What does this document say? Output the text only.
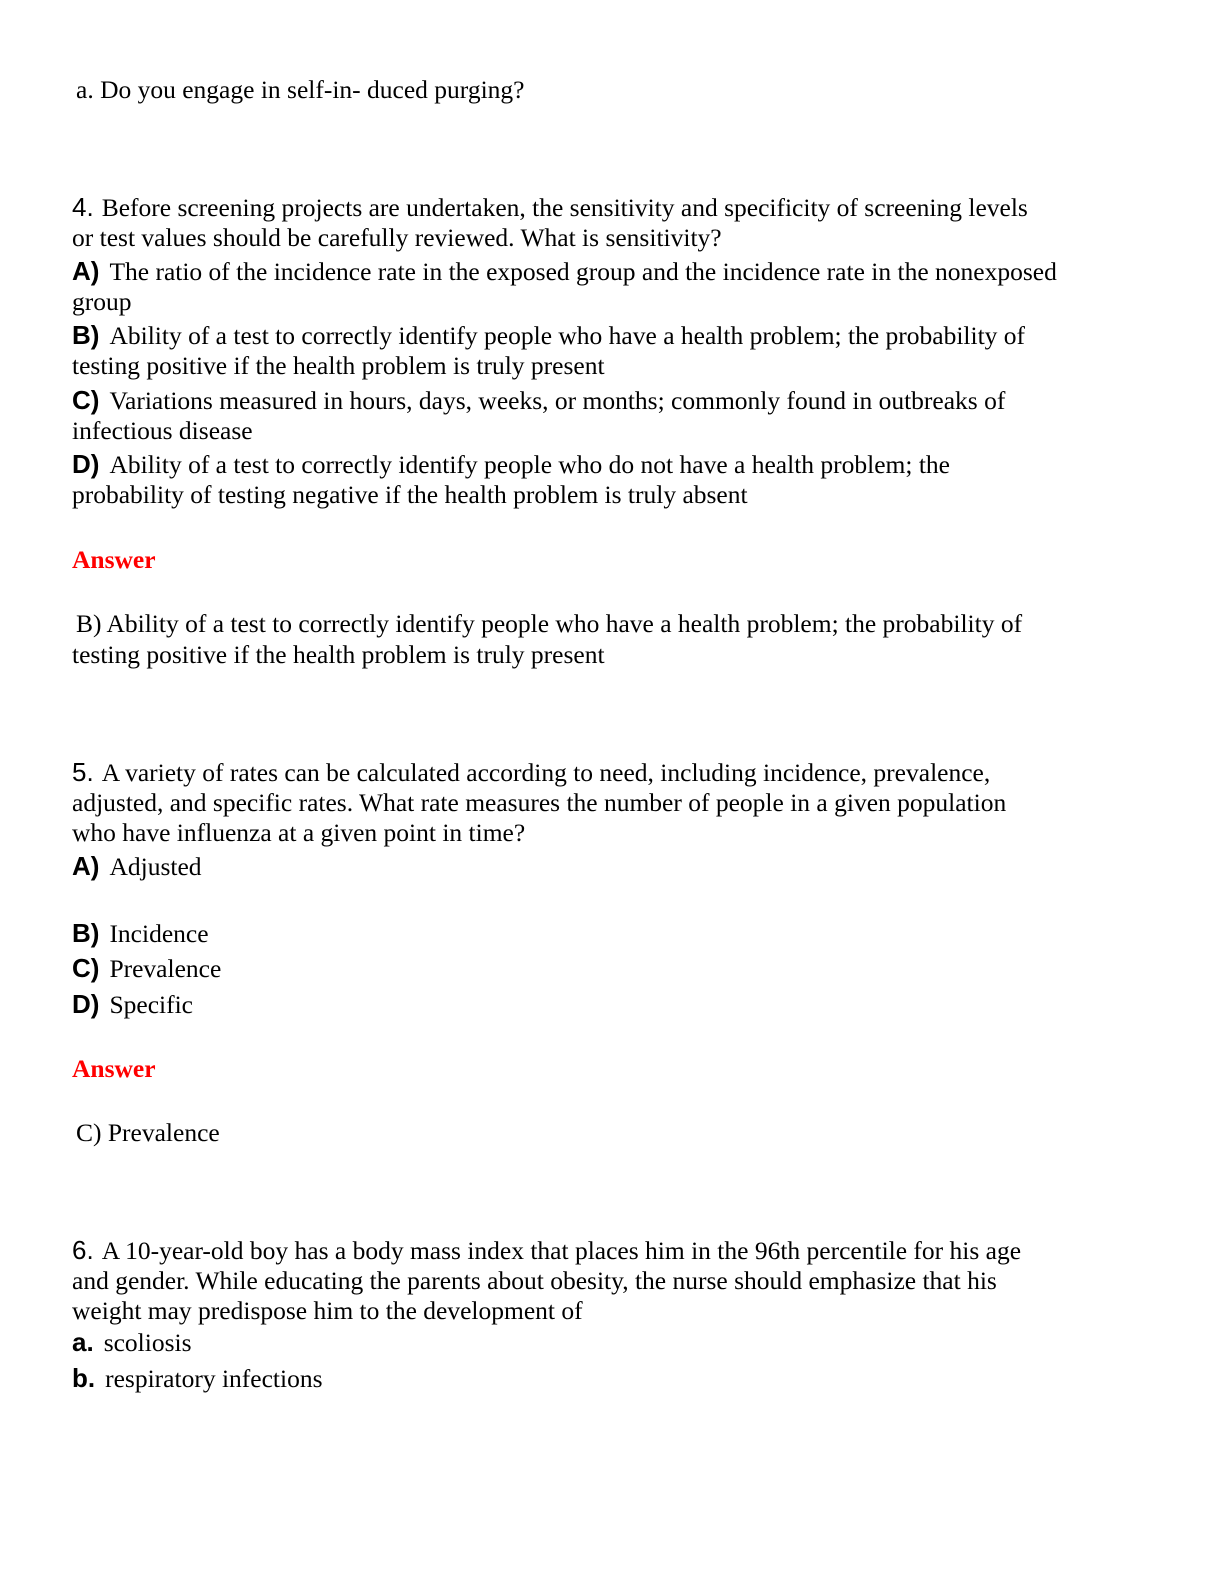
a. Do you engage in self-in- duced purging?
4. Before screening projects are undertaken, the sensitivity and specificity of screening levels
or test values should be carefully reviewed. What is sensitivity?
A) The ratio of the incidence rate in the exposed group and the incidence rate in the nonexposed
group
B) Ability of a test to correctly identify people who have a health problem; the probability of
testing positive if the health problem is truly present
C) Variations measured in hours, days, weeks, or months; commonly found in outbreaks of
infectious disease
D) Ability of a test to correctly identify people who do not have a health problem; the
probability of testing negative if the health problem is truly absent
Answer
B) Ability of a test to correctly identify people who have a health problem; the probability of
testing positive if the health problem is truly present
5. A variety of rates can be calculated according to need, including incidence, prevalence,
adjusted, and specific rates. What rate measures the number of people in a given population
who have influenza at a given point in time?
A) Adjusted
B) Incidence
C) Prevalence
D) Specific
Answer
C) Prevalence
6. A 10-year-old boy has a body mass index that places him in the 96th percentile for his age
and gender. While educating the parents about obesity, the nurse should emphasize that his
weight may predispose him to the development of
a. scoliosis
b. respiratory infections
